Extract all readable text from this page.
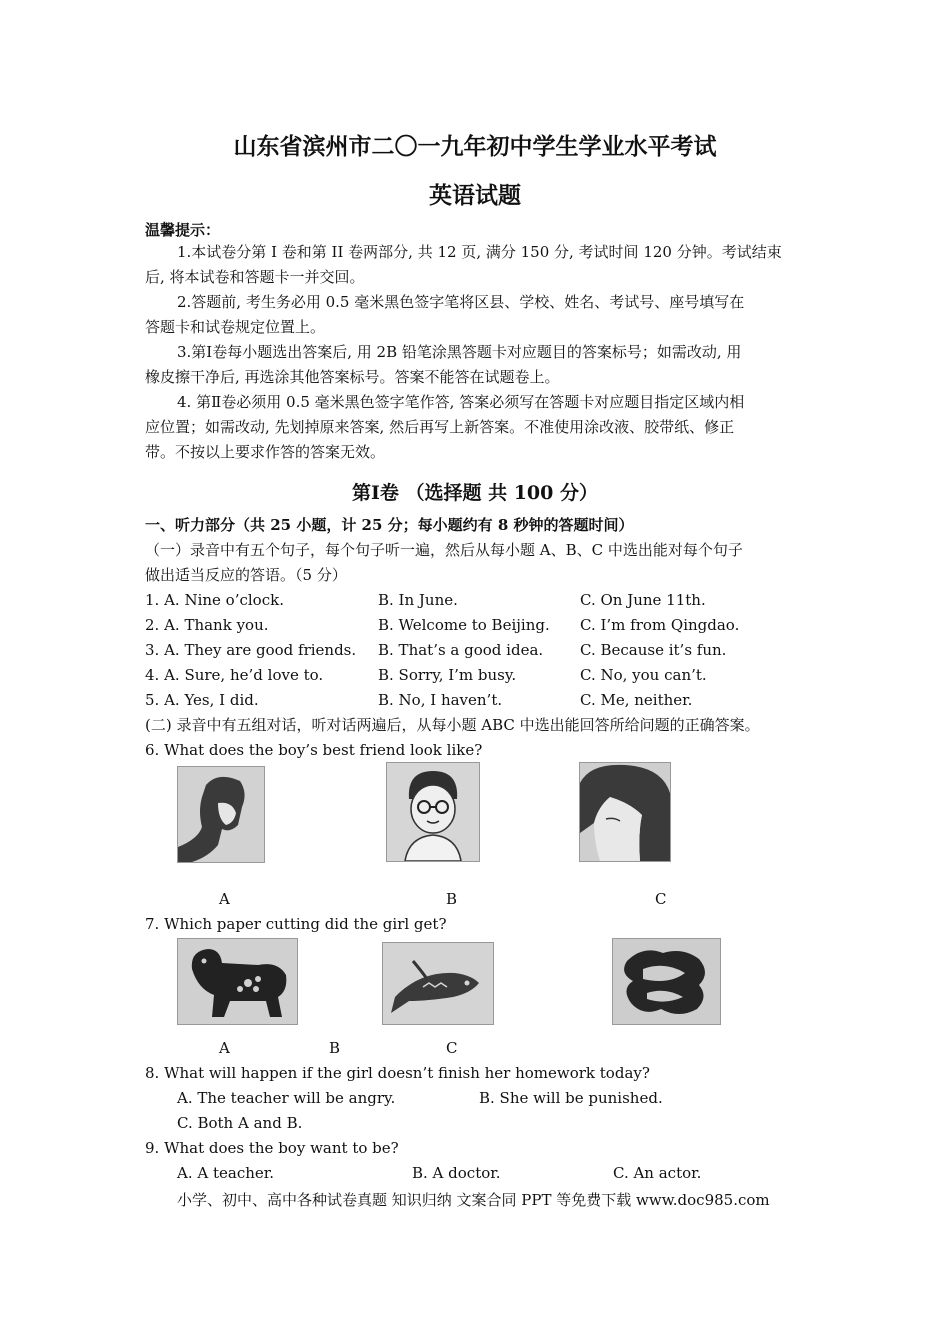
山东省滨州市二〇一九年初中学生学业水平考试
英语试题
温馨提示：
1.本试卷分第 I 卷和第 II 卷两部分, 共 12 页, 满分 150 分, 考试时间 120 分钟。考试结束
后, 将本试卷和答题卡一并交回。
2.答题前, 考生务必用 0.5 毫米黑色签字笔将区县、学校、姓名、考试号、座号填写在
答题卡和试卷规定位置上。
3.第Ⅰ卷每小题选出答案后, 用 2B 铅笔涂黑答题卡对应题目的答案标号；如需改动, 用
橡皮擦干净后, 再选涂其他答案标号。答案不能答在试题卷上。
4. 第Ⅱ卷必须用 0.5 毫米黑色签字笔作答, 答案必须写在答题卡对应题目指定区域内相
应位置；如需改动, 先划掉原来答案, 然后再写上新答案。不准使用涂改液、胶带纸、修正
带。不按以上要求作答的答案无效。
第Ⅰ卷 （选择题 共 100 分）
一、听力部分（共 25 小题，计 25 分；每小题约有 8 秒钟的答题时间）
（一）录音中有五个句子，每个句子听一遍，然后从每小题 A、B、C 中选出能对每个句子
做出适当反应的答语。（5 分）
1. A. Nine o’clock.	B. In June.	C. On June 11th.
2. A. Thank you.	B. Welcome to Beijing. C. I’m from Qingdao.
3. A. They are good friends. B. That’s a good idea. C. Because it’s fun.
4. A. Sure, he’d love to.	B. Sorry, I’m busy.	C. No, you can’t.
5. A. Yes, I did.	B. No, I haven’t.	C. Me, neither.
(二) 录音中有五组对话，听对话两遍后，从每小题 ABC 中选出能回答所给问题的正确答案。
6. What does the boy’s best friend look like?
A	B	C
7. Which paper cutting did the girl get?
A	B	C
8. What will happen if the girl doesn’t finish her homework today?
A. The teacher will be angry.	B. She will be punished.
C. Both A and B.
9. What does the boy want to be?
A. A teacher.	B. A doctor.	C. An actor.
小学、初中、高中各种试卷真题 知识归纳 文案合同 PPT 等免费下载 www.doc985.com
